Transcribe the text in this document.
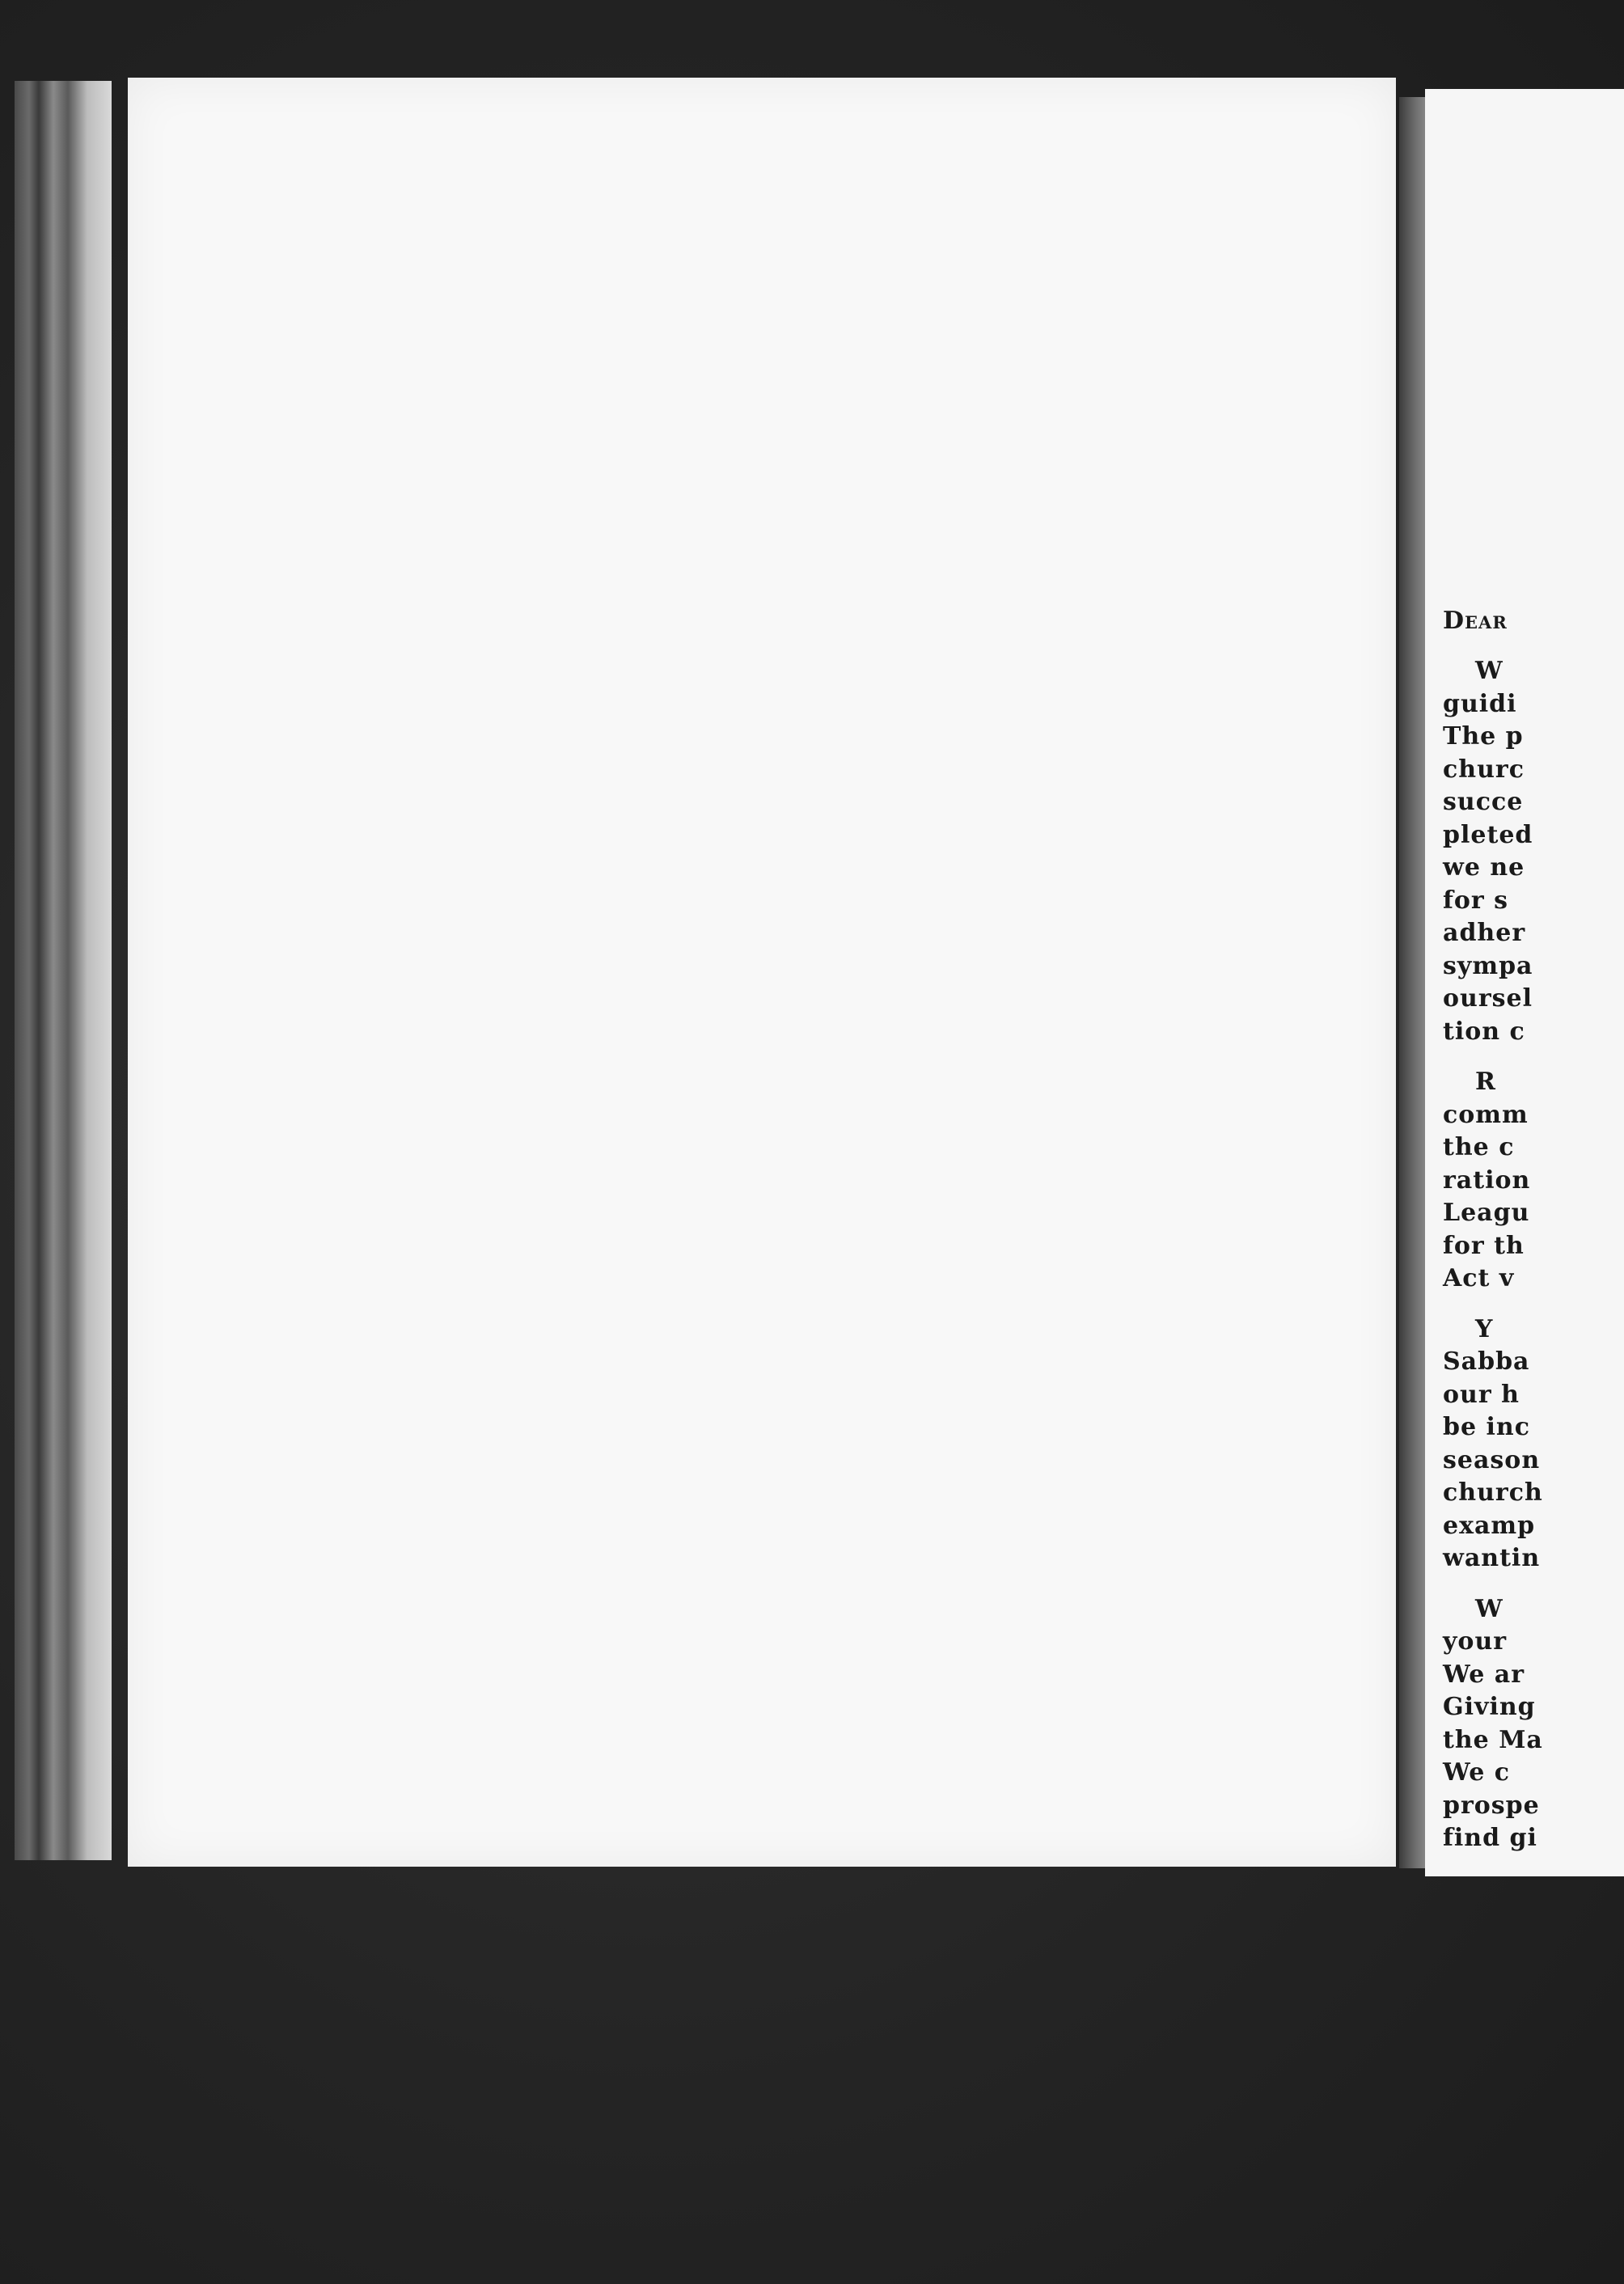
Dear
W
guidi
The p
churc
succe
pleted
we ne
for s
adher
sympa
oursel
tion c
R
comm
the c
ration
Leagu
for th
Act v
Y
Sabba
our h
be inc
season
church
examp
wantin
W
your
We ar
Giving
the Ma
We c
prospe
find gi
